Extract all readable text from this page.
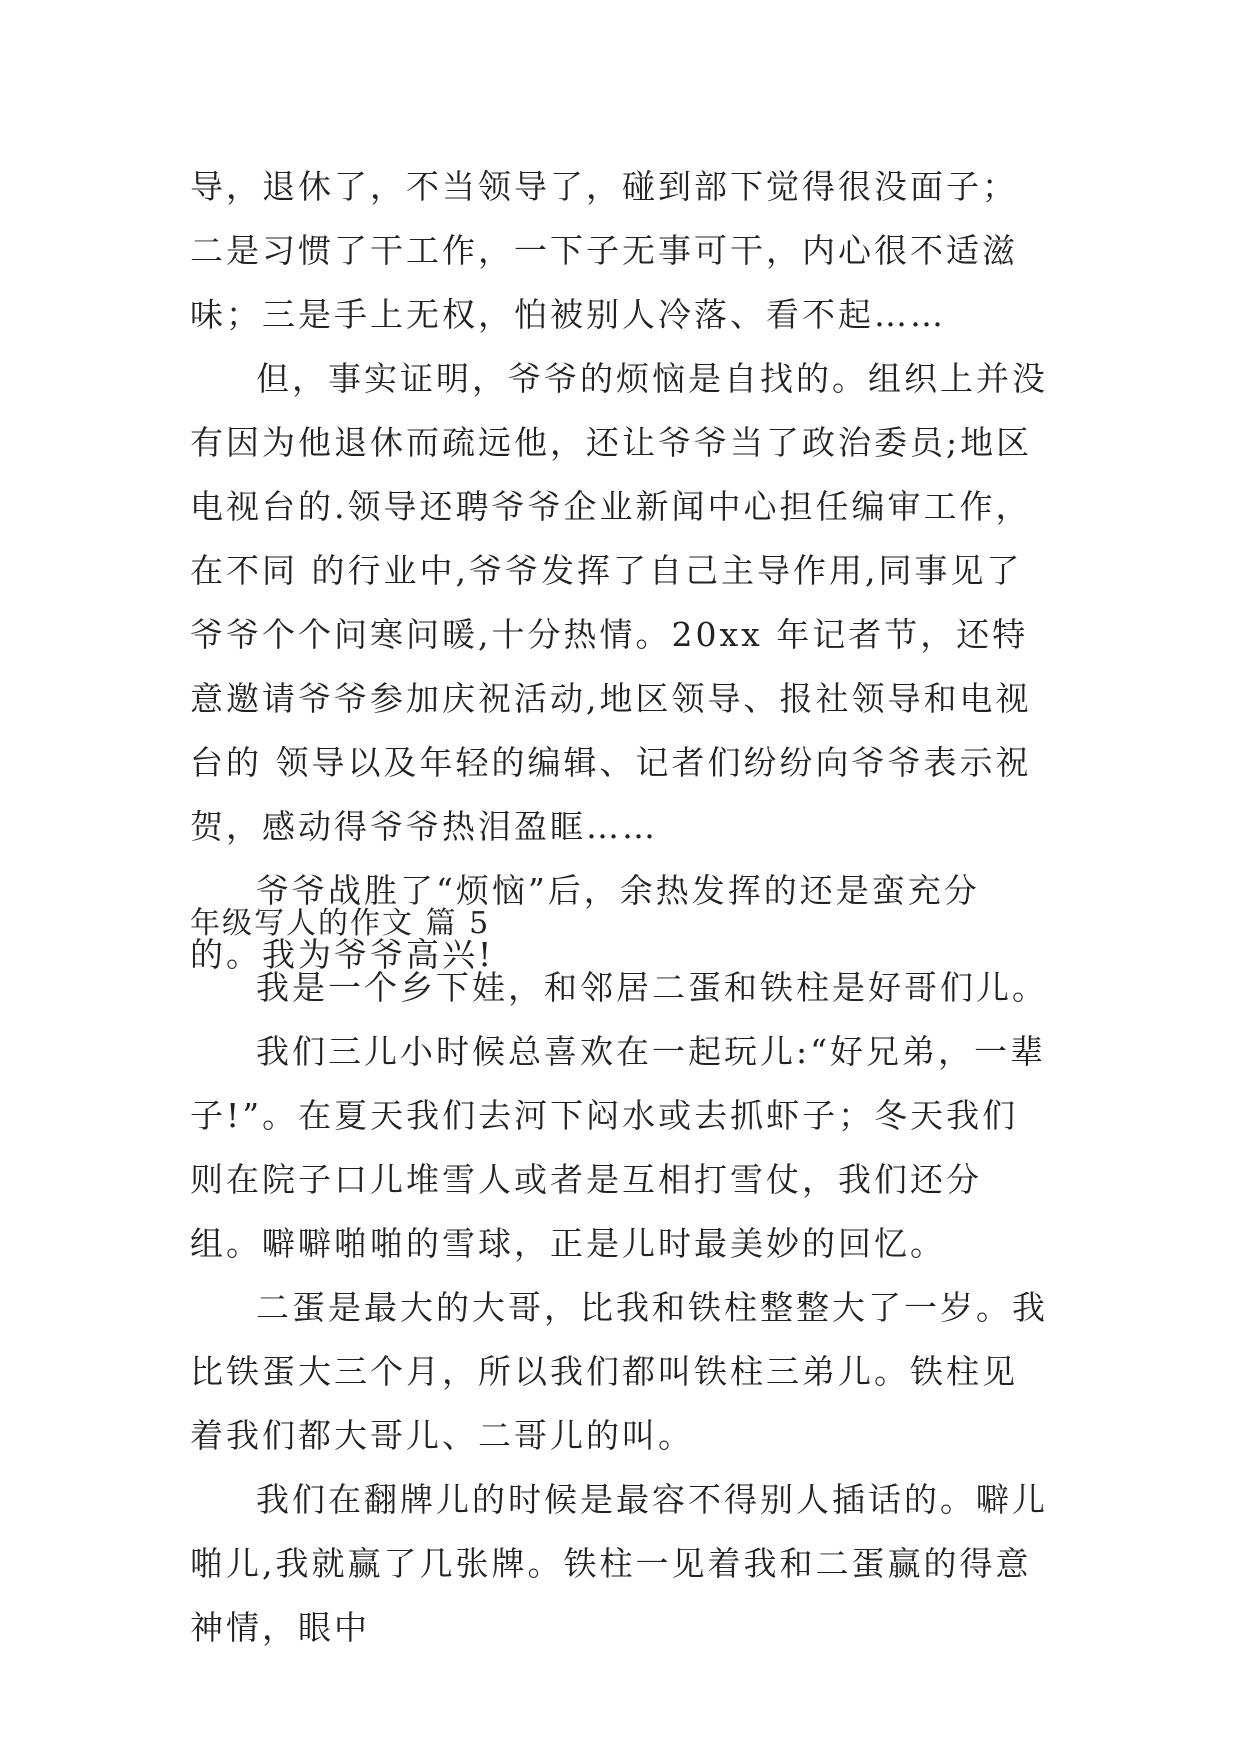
导，退休了，不当领导了，碰到部下觉得很没面子；二是习惯了干工作，一下子无事可干，内心很不适滋味；三是手上无权，怕被别人冷落、看不起……

但，事实证明，爷爷的烦恼是自找的。组织上并没有因为他退休而疏远他，还让爷爷当了政治委员;地区电视台的.领导还聘爷爷企业新闻中心担任编审工作，在不同 的行业中,爷爷发挥了自己主导作用,同事见了爷爷个个问寒问暖,十分热情。20xx 年记者节，还特意邀请爷爷参加庆祝活动,地区领导、报社领导和电视台的 领导以及年轻的编辑、记者们纷纷向爷爷表示祝贺，感动得爷爷热泪盈眶……

爷爷战胜了“烦恼”后，余热发挥的还是蛮充分的。我为爷爷高兴!

年级写人的作文 篇 5

我是一个乡下娃，和邻居二蛋和铁柱是好哥们儿。

我们三儿小时候总喜欢在一起玩儿:“好兄弟，一辈子!”。在夏天我们去河下闷水或去抓虾子；冬天我们则在院子口儿堆雪人或者是互相打雪仗，我们还分组。噼噼啪啪的雪球，正是儿时最美妙的回忆。

二蛋是最大的大哥，比我和铁柱整整大了一岁。我比铁蛋大三个月，所以我们都叫铁柱三弟儿。铁柱见着我们都大哥儿、二哥儿的叫。

我们在翻牌儿的时候是最容不得别人插话的。噼儿啪儿,我就赢了几张牌。铁柱一见着我和二蛋赢的得意神情，眼中
